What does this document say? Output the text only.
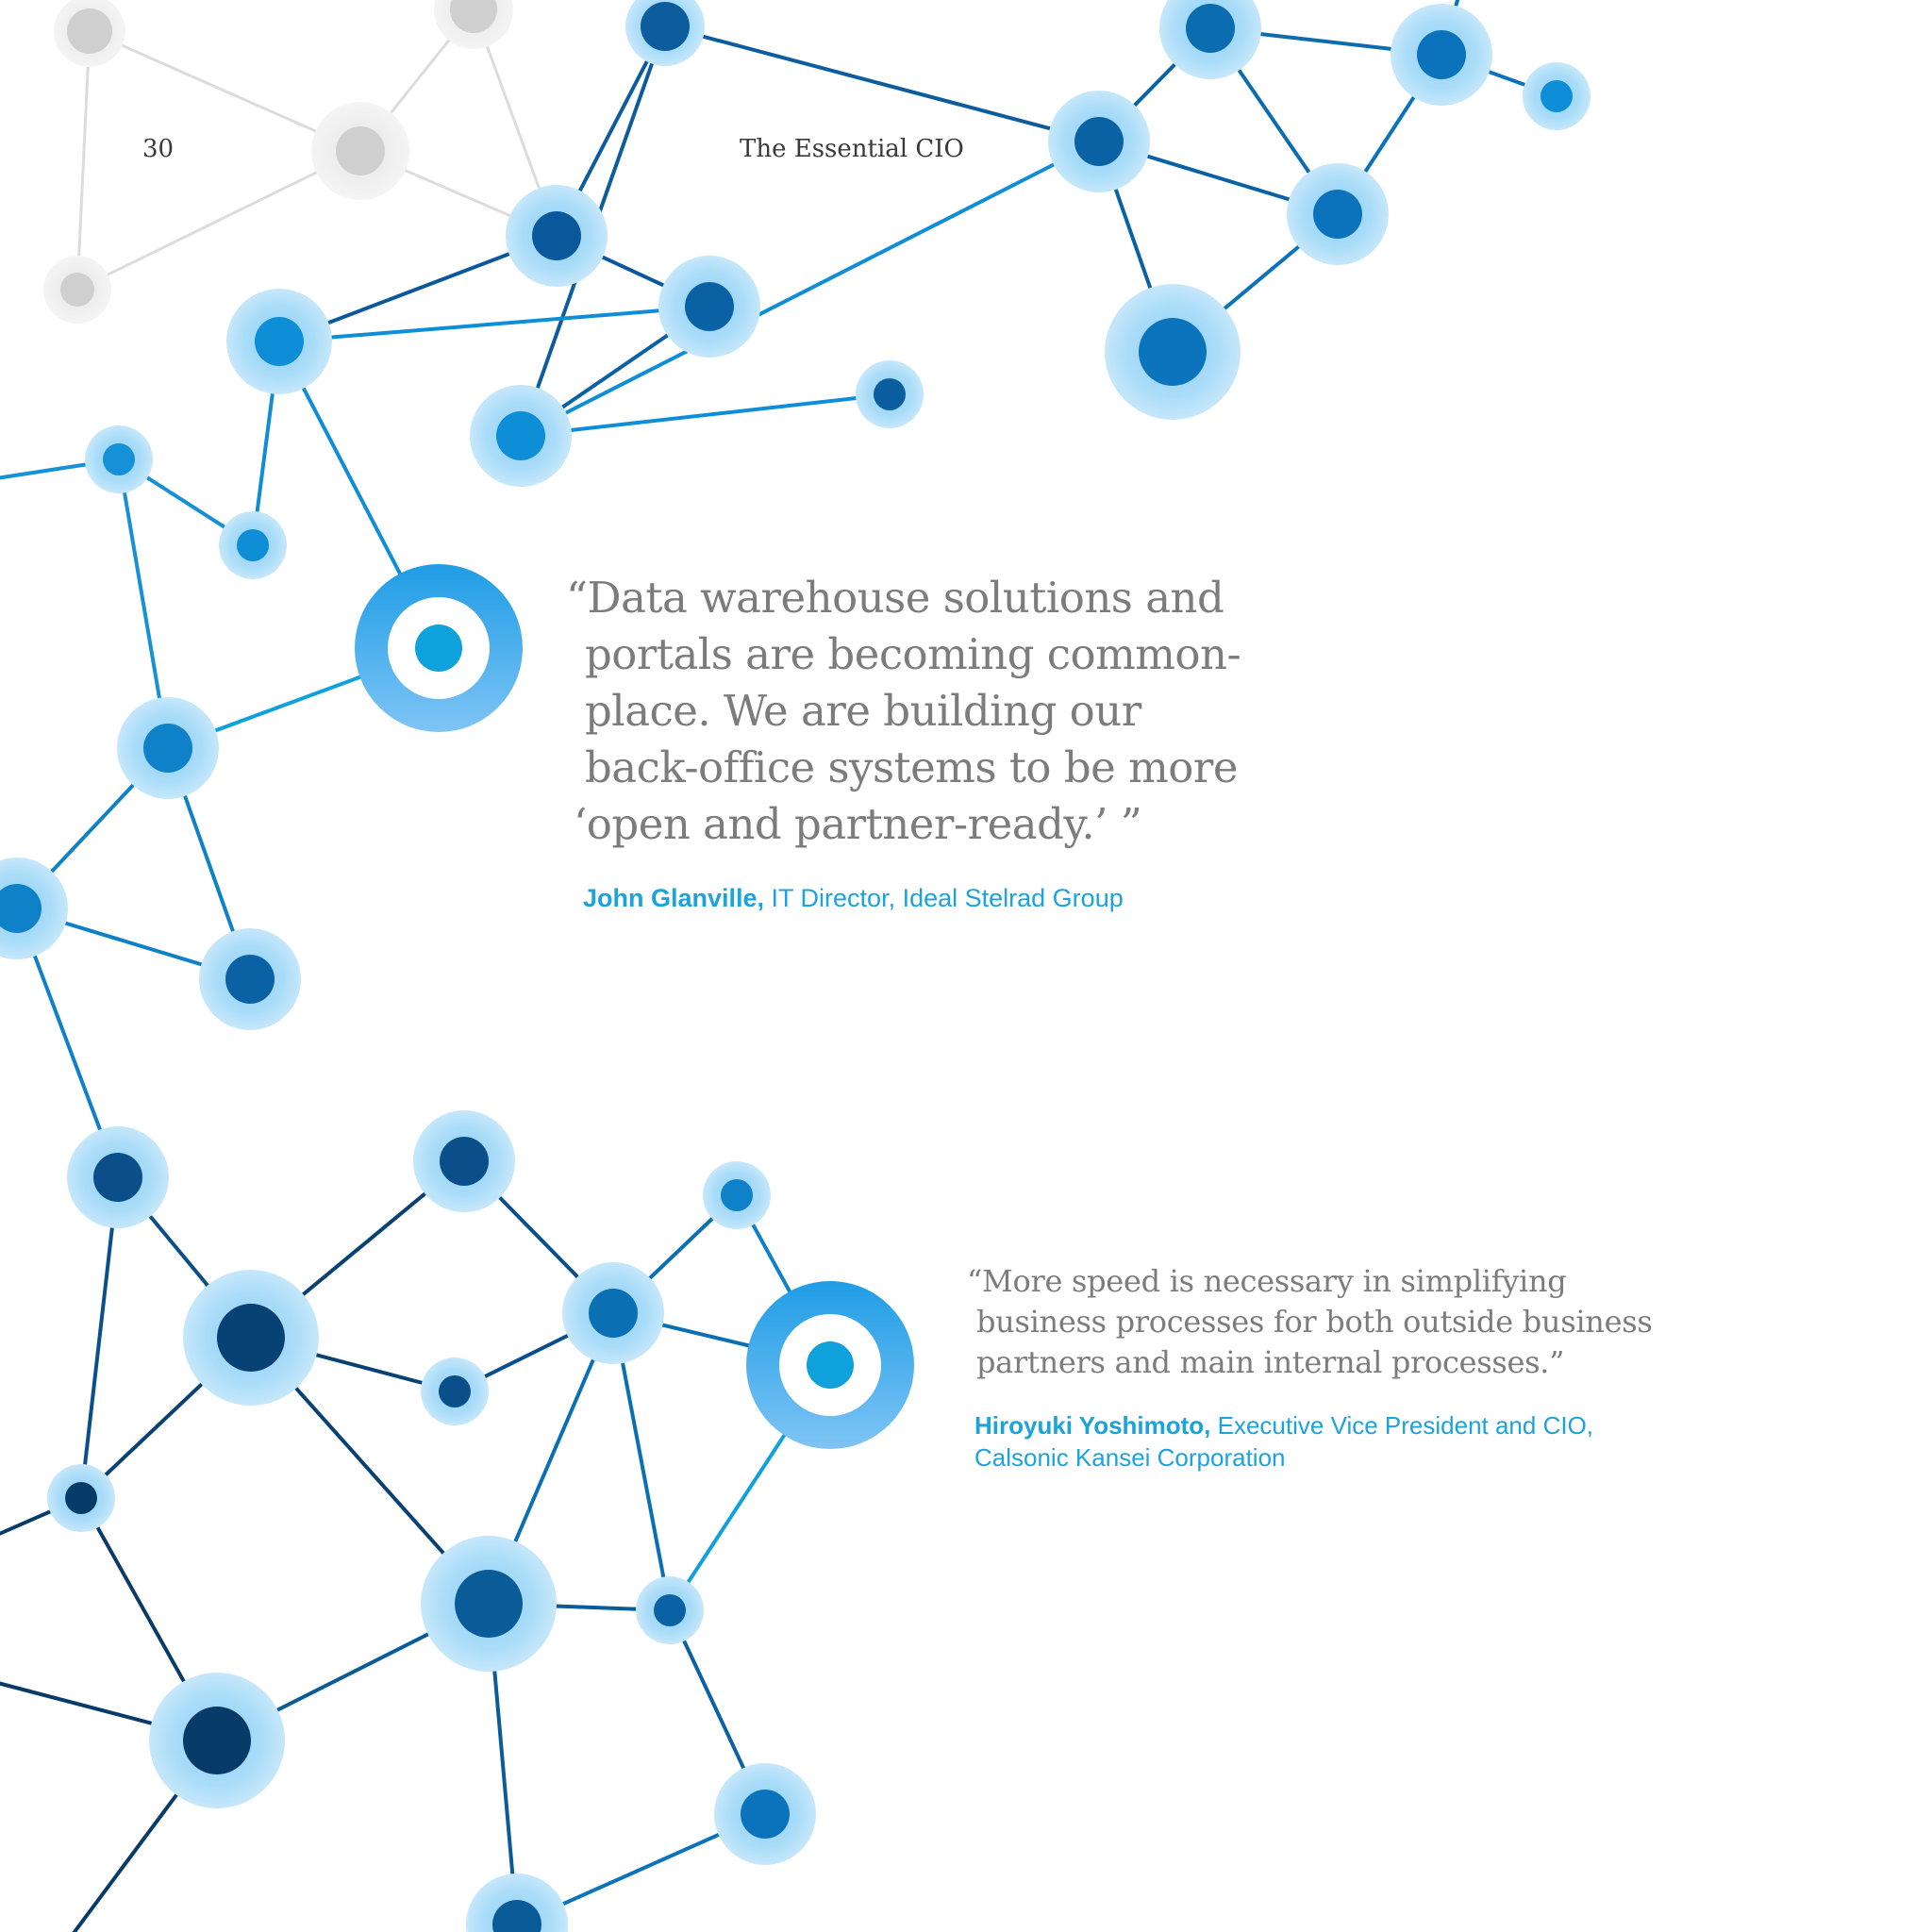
30	The Essential CIO
“Data warehouse solutions and
portals are becoming common-
place. We are building our
back-office systems to be more
‘open and partner-ready.’ ”

John Glanville, IT Director, Ideal Stelrad Group

“More speed is necessary in simplifying
business processes for both outside business
partners and main internal processes.”

Hiroyuki Yoshimoto, Executive Vice President and CIO,
Calsonic Kansei Corporation
